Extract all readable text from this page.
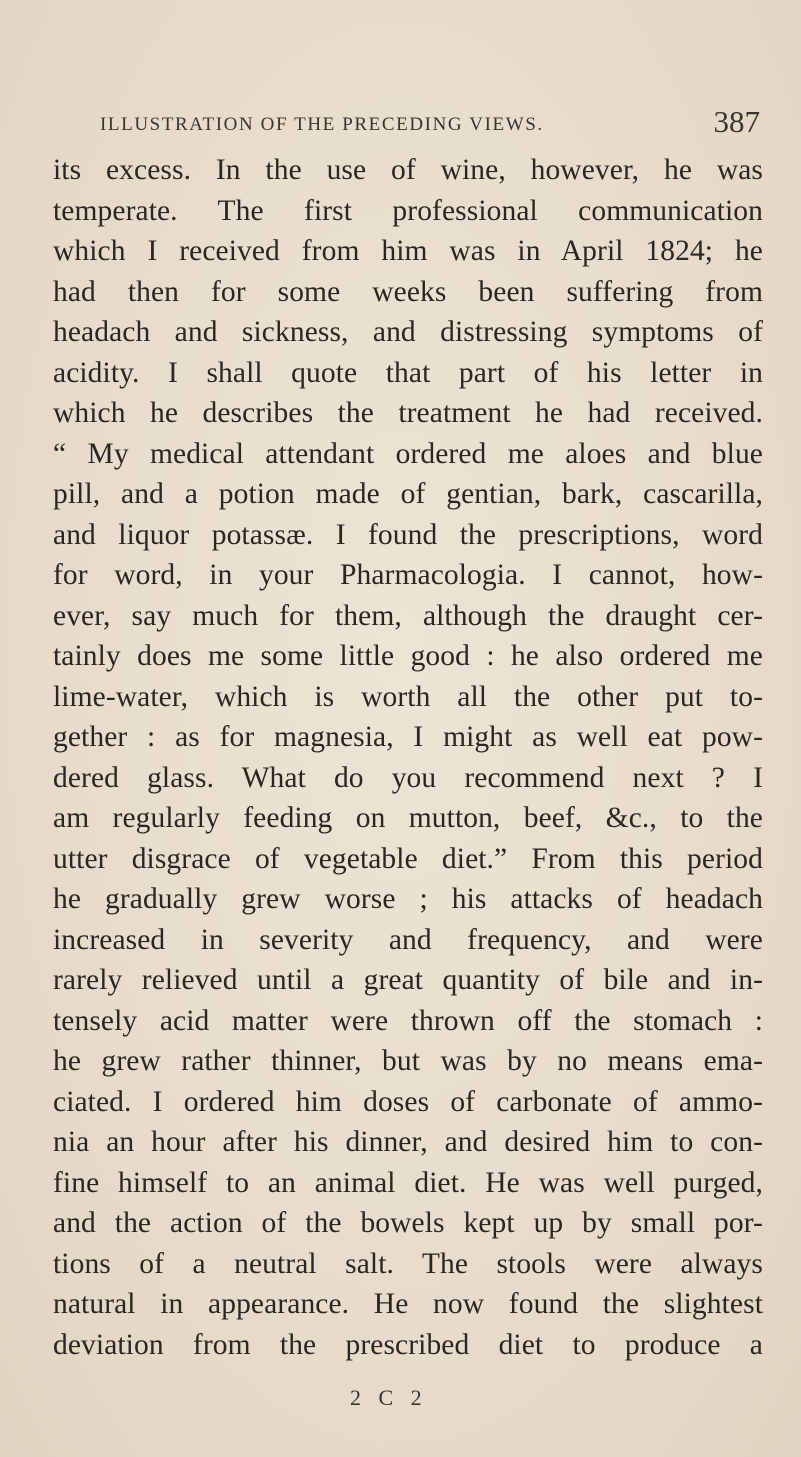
ILLUSTRATION OF THE PRECEDING VIEWS.	387
its excess. In the use of wine, however, he was
temperate. The first professional communication
which I received from him was in April 1824; he
had then for some weeks been suffering from
headach and sickness, and distressing symptoms of
acidity. I shall quote that part of his letter in
which he describes the treatment he had received.
“ My medical attendant ordered me aloes and blue
pill, and a potion made of gentian, bark, cascarilla,
and liquor potassæ. I found the prescriptions, word
for word, in your Pharmacologia. I cannot, how-
ever, say much for them, although the draught cer-
tainly does me some little good : he also ordered me
lime-water, which is worth all the other put to-
gether : as for magnesia, I might as well eat pow-
dered glass. What do you recommend next ? I
am regularly feeding on mutton, beef, &c., to the
utter disgrace of vegetable diet.” From this period
he gradually grew worse ; his attacks of headach
increased in severity and frequency, and were
rarely relieved until a great quantity of bile and in-
tensely acid matter were thrown off the stomach :
he grew rather thinner, but was by no means ema-
ciated. I ordered him doses of carbonate of ammo-
nia an hour after his dinner, and desired him to con-
fine himself to an animal diet. He was well purged,
and the action of the bowels kept up by small por-
tions of a neutral salt. The stools were always
natural in appearance. He now found the slightest
deviation from the prescribed diet to produce a
2 C 2
